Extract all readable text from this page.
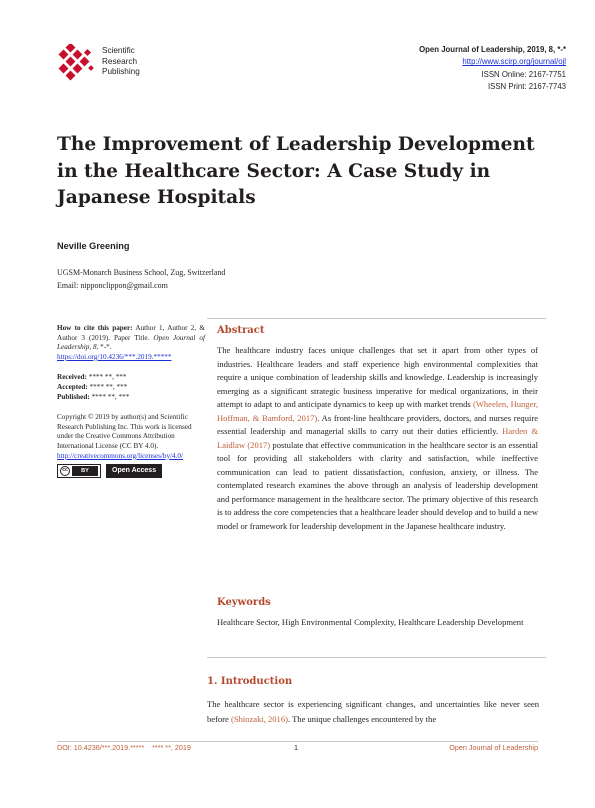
Scientific
Research
Publishing
Open Journal of Leadership, 2019, 8, *-*
http://www.scirp.org/journal/ojl
ISSN Online: 2167-7751
ISSN Print: 2167-7743
The Improvement of Leadership Development in the Healthcare Sector: A Case Study in Japanese Hospitals
Neville Greening
UGSM-Monarch Business School, Zug, Switzerland
Email: nipponclippon@gmail.com

How to cite this paper: Author 1, Author 2, & Author 3 (2019). Paper Title. Open Journal of Leadership, 8, *-*.
https://doi.org/10.4236/***.2019.*****

Received: **** **, ***

Accepted: **** **, ***

Published: **** **, ***

Copyright © 2019 by author(s) and Scientific Research Publishing Inc. This work is licensed under the Creative Commons Attribution International License (CC BY 4.0).

http://creativecommons.org/licenses/by/4.0/

cc	BY	Open Access
Abstract

The healthcare industry faces unique challenges that set it apart from other types of industries. Healthcare leaders and staff experience high environmental complexities that require a unique combination of leadership skills and knowledge. Leadership is increasingly emerging as a significant strategic business imperative for medical organizations, in their attempt to adapt to and anticipate dynamics to keep up with market trends (Wheelen, Hunger, Hoffman, & Bamford, 2017). As front-line healthcare providers, doctors, and nurses require essential leadership and managerial skills to carry out their duties efficiently. Harden & Laidlaw (2017) postulate that effective communication in the healthcare sector is an essential tool for providing all stakeholders with clarity and satisfaction, while ineffective communication can lead to patient dissatisfaction, confusion, anxiety, or illness. The contemplated research examines the above through an analysis of leadership development and performance management in the healthcare sector. The primary objective of this research is to address the core competencies that a healthcare leader should develop and to build a new model or framework for leadership development in the Japanese healthcare industry.

Keywords

Healthcare Sector, High Environmental Complexity, Healthcare Leadership Development

1. Introduction

The healthcare sector is experiencing significant changes, and uncertainties like never seen before (Shiozaki, 2016). The unique challenges encountered by the

DOI: 10.4236/***.2019.***** **** **, 2019	1	Open Journal of Leadership
